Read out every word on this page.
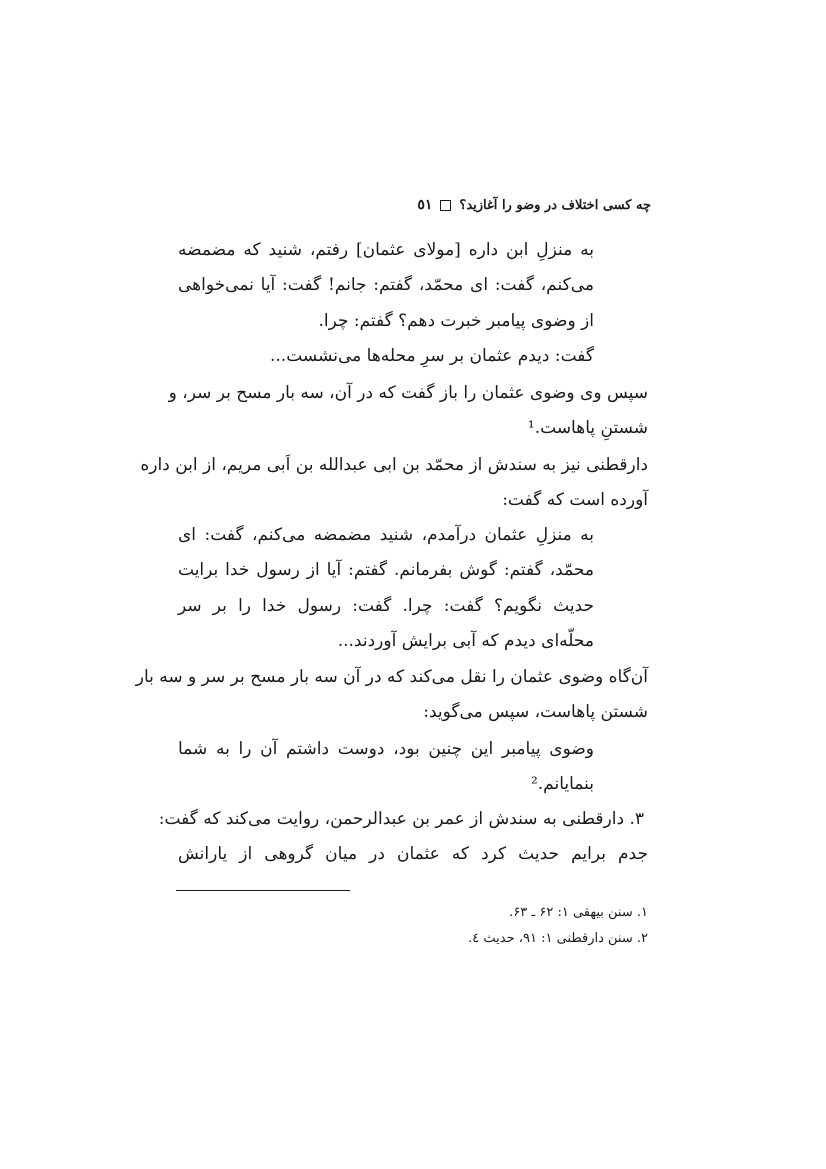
چه کسی اختلاف در وضو را آغازید؟
٥١
به منزلِ ابن داره [مولای عثمان] رفتم، شنید که مضمضه
می‌کنم، گفت: ای محمّد، گفتم: جانم! گفت: آیا نمی‌خواهی
از وضوی پیامبر خبرت دهم؟ گفتم: چرا.
گفت: دیدم عثمان بر سرِ محله‌ها می‌نشست...
سپس وی وضوی عثمان را باز گفت که در آن، سه بار مسح بر سر، و
شستنِ پاهاست.¹
دارقطنی نیز به سندش از محمّد بن ابی عبدالله بن اَبی مریم، از ابن داره
آورده است که گفت:
به منزلِ عثمان درآمدم، شنید مضمضه می‌کنم، گفت: ای
محمّد، گفتم: گوش بفرمانم. گفتم: آیا از رسول خدا برایت
حدیث نگویم؟ گفت: چرا. گفت: رسول خدا را بر سر
محلّه‌ای دیدم که آبی برایش آوردند...
آن‌گاه وضوی عثمان را نقل می‌کند که در آن سه بار مسح بر سر و سه بار
شستن پاهاست، سپس می‌گوید:
وضوی پیامبر این چنین بود، دوست داشتم آن را به شما
بنمایانم.²
۳. دارقطنی به سندش از عمر بن عبدالرحمن، روایت می‌کند که گفت:
جدم برایم حدیث کرد که عثمان در میان گروهی از یارانش
۱. سنن بیهقی ۱: ۶۲ ـ ۶۳.
۲. سنن دارقطنی ۱: ۹۱، حدیث ٤.
